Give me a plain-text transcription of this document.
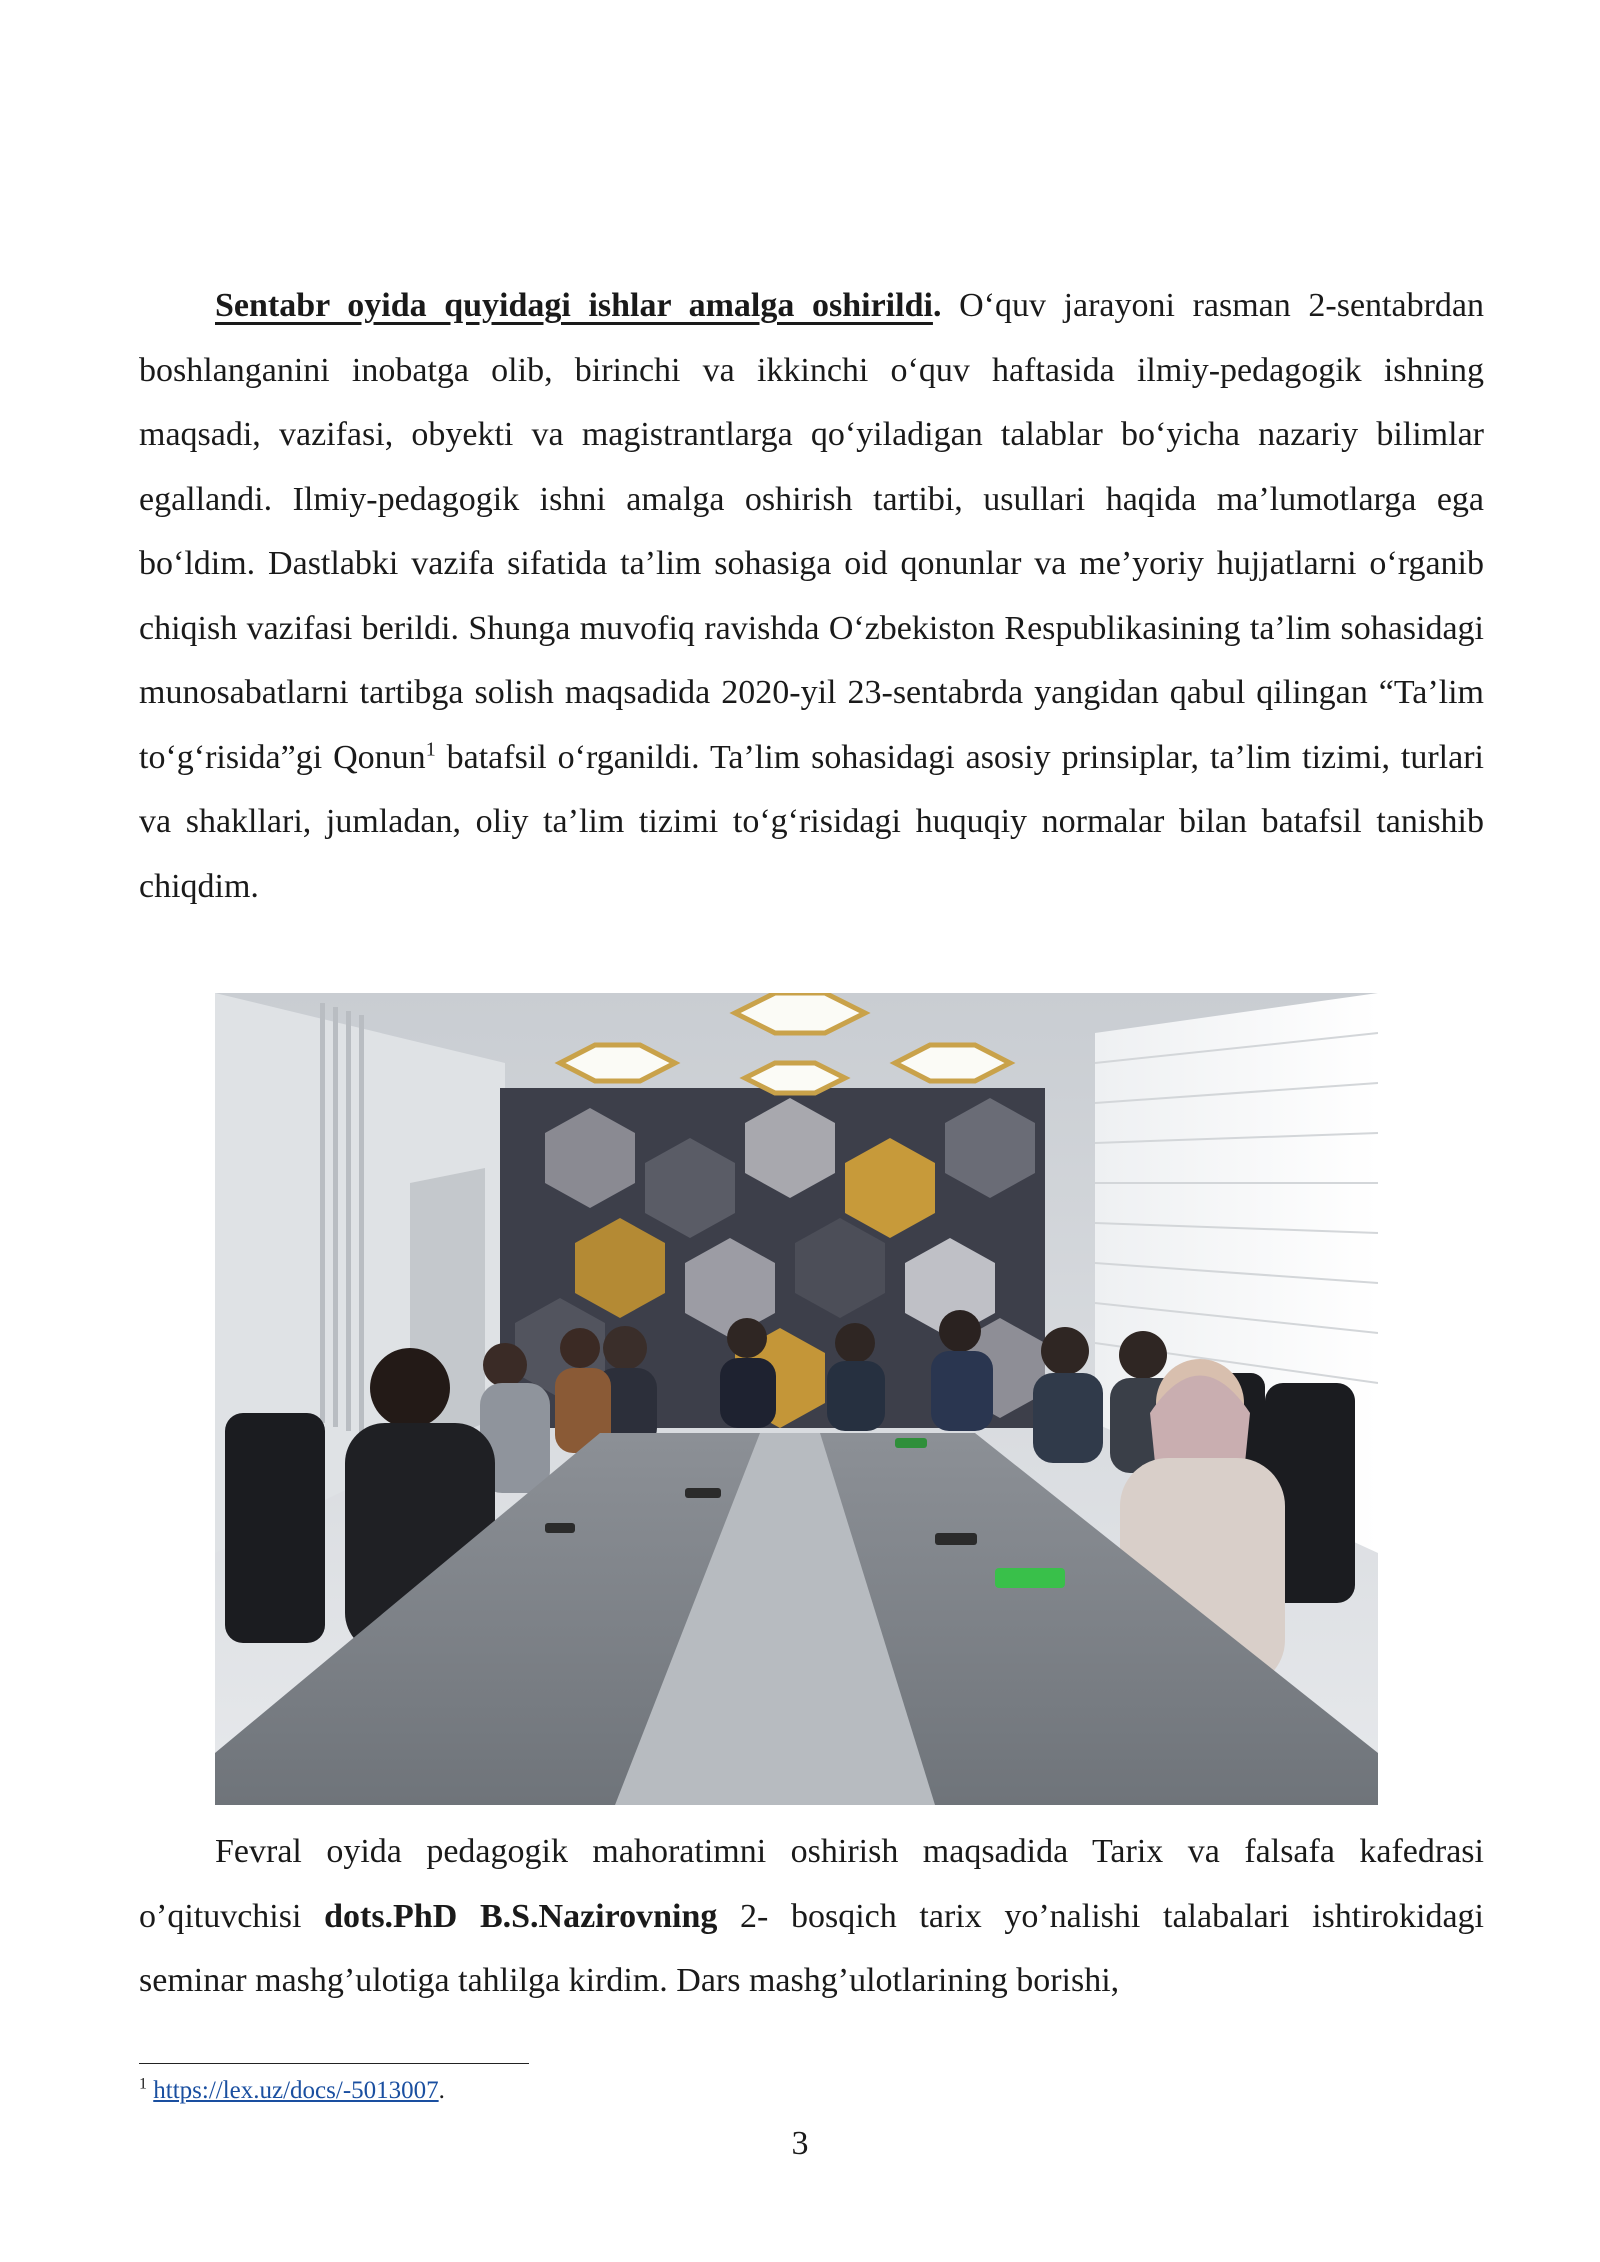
Sentabr oyida quyidagi ishlar amalga oshirildi. O‘quv jarayoni rasman 2-sentabrdan boshlanganini inobatga olib, birinchi va ikkinchi o‘quv haftasida ilmiy-pedagogik ishning maqsadi, vazifasi, obyekti va magistrantlarga qo‘yiladigan talablar bo‘yicha nazariy bilimlar egallandi. Ilmiy-pedagogik ishni amalga oshirish tartibi, usullari haqida ma’lumotlarga ega bo‘ldim. Dastlabki vazifa sifatida ta’lim sohasiga oid qonunlar va me’yoriy hujjatlarni o‘rganib chiqish vazifasi berildi. Shunga muvofiq ravishda O‘zbekiston Respublikasining ta’lim sohasidagi munosabatlarni tartibga solish maqsadida 2020-yil 23-sentabrda yangidan qabul qilingan “Ta’lim to‘g‘risida”gi Qonun$^1$ batafsil o‘rganildi. Ta’lim sohasidagi asosiy prinsiplar, ta’lim tizimi, turlari va shakllari, jumladan, oliy ta’lim tizimi to‘g‘risidagi huquqiy normalar bilan batafsil tanishib chiqdim.

Fevral oyida pedagogik mahoratimni oshirish maqsadida Tarix va falsafa kafedrasi o’qituvchisi dots.PhD B.S.Nazirovning 2- bosqich tarix yo’nalishi talabalari ishtirokidagi seminar mashg’ulotiga tahlilga kirdim. Dars mashg’ulotlarining borishi,

$^1$ https://lex.uz/docs/-5013007.
3
